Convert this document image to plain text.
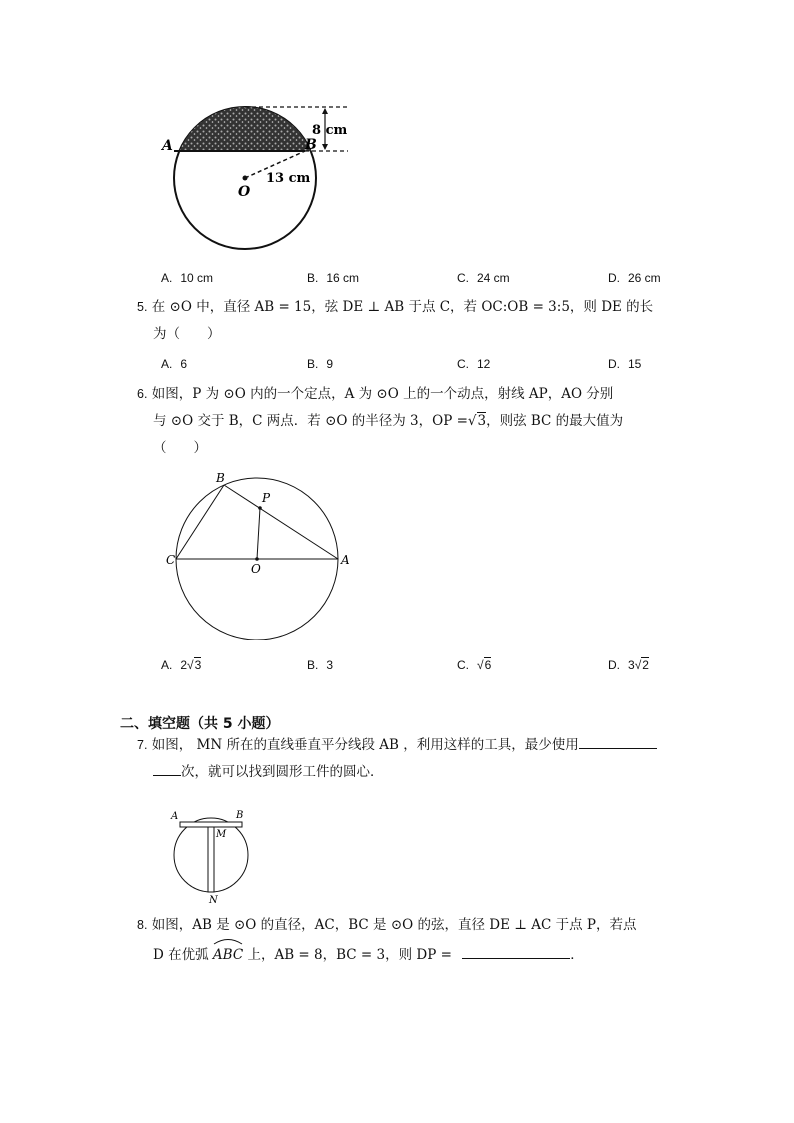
A	B
O
8 cm
13 cm
A. 10 cm	B. 16 cm	C. 24 cm	D. 26 cm
5. 在 ⊙O 中，直径 AB = 15，弦 DE ⊥ AB 于点 C，若 OC:OB = 3:5，则 DE 的长
为（　　）
A. 6	B. 9	C. 12	D. 15
6. 如图，P 为 ⊙O 内的一个定点，A 为 ⊙O 上的一个动点，射线 AP，AO 分别
与 ⊙O 交于 B，C 两点．若 ⊙O 的半径为 3，OP =√3，则弦 BC 的最大值为
（　　）
B
P
C
O
A
A. 2√3	B. 3	C. √6	D. 3√2
二、填空题（共 5 小题）
7. 如图， MN 所在的直线垂直平分线段 AB ，利用这样的工具，最少使用
次，就可以找到圆形工件的圆心．
A	B
M
N
8. 如图，AB 是 ⊙O 的直径，AC，BC 是 ⊙O 的弦，直径 DE ⊥ AC 于点 P，若点
D 在优弧 ABC 上，AB = 8，BC = 3，则 DP =	．
